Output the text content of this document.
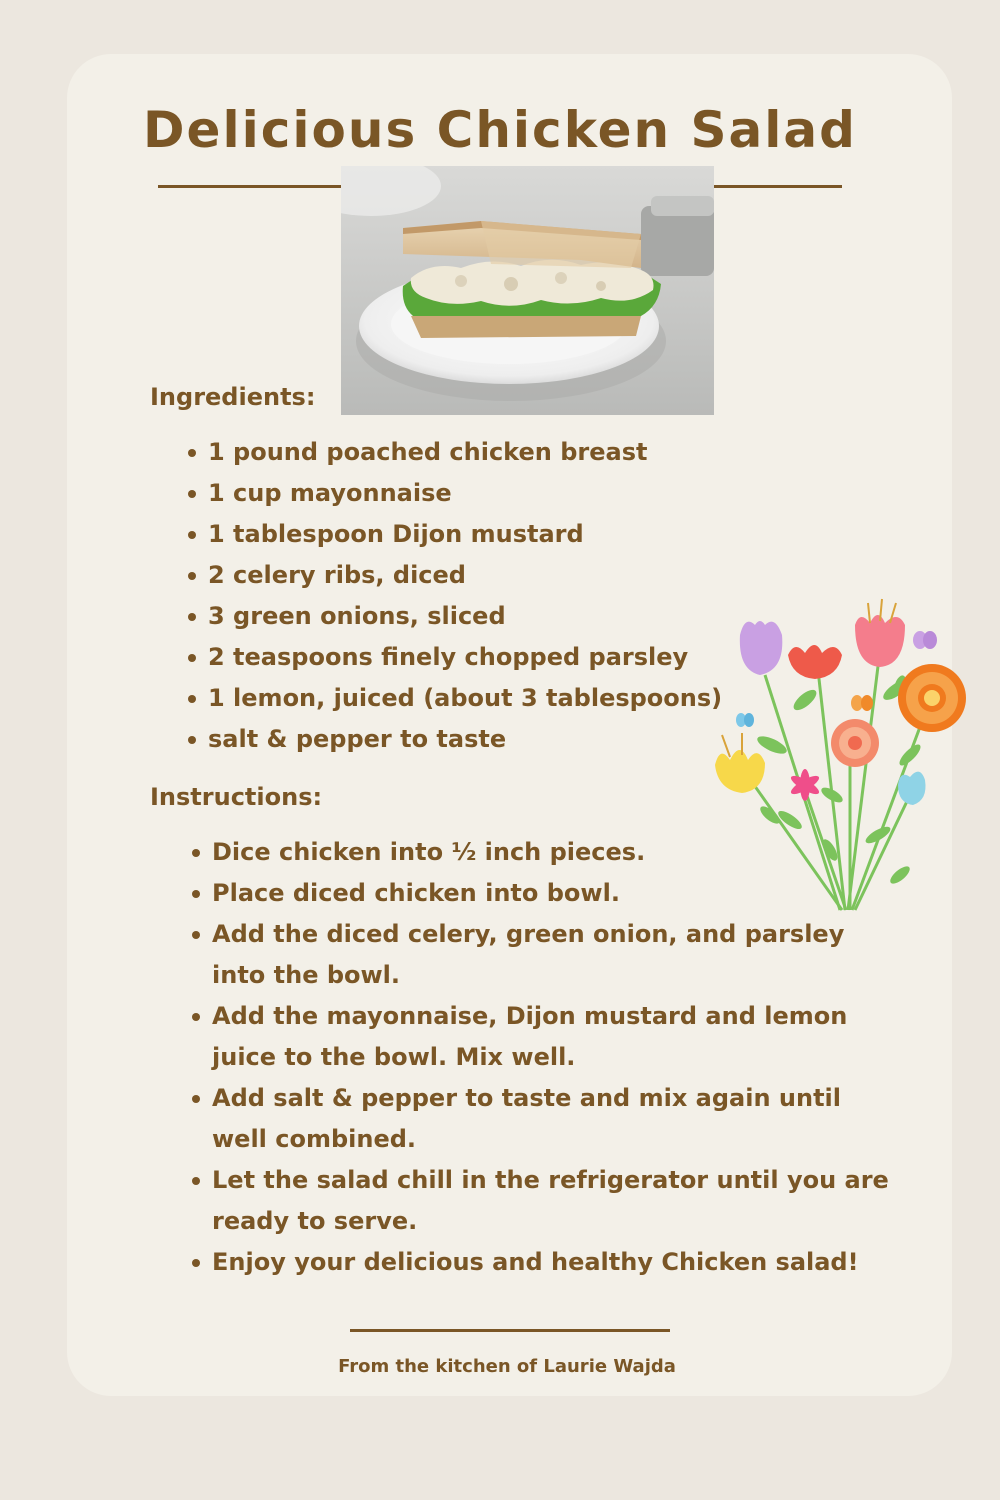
Delicious Chicken Salad
Ingredients:
1 pound poached chicken breast
1 cup mayonnaise
1 tablespoon Dijon mustard
2 celery ribs, diced
3 green onions, sliced
2 teaspoons finely chopped parsley
1 lemon, juiced (about 3 tablespoons)
salt & pepper to taste
Instructions:
Dice chicken into ½ inch pieces.
Place diced chicken into bowl.
Add the diced celery, green onion, and parsley into the bowl.
Add the mayonnaise, Dijon mustard and lemon juice to the bowl. Mix well.
Add salt & pepper to taste and mix again until well combined.
Let the salad chill in the refrigerator until you are ready to serve.
Enjoy your delicious and healthy Chicken salad!
From the kitchen of Laurie Wajda
